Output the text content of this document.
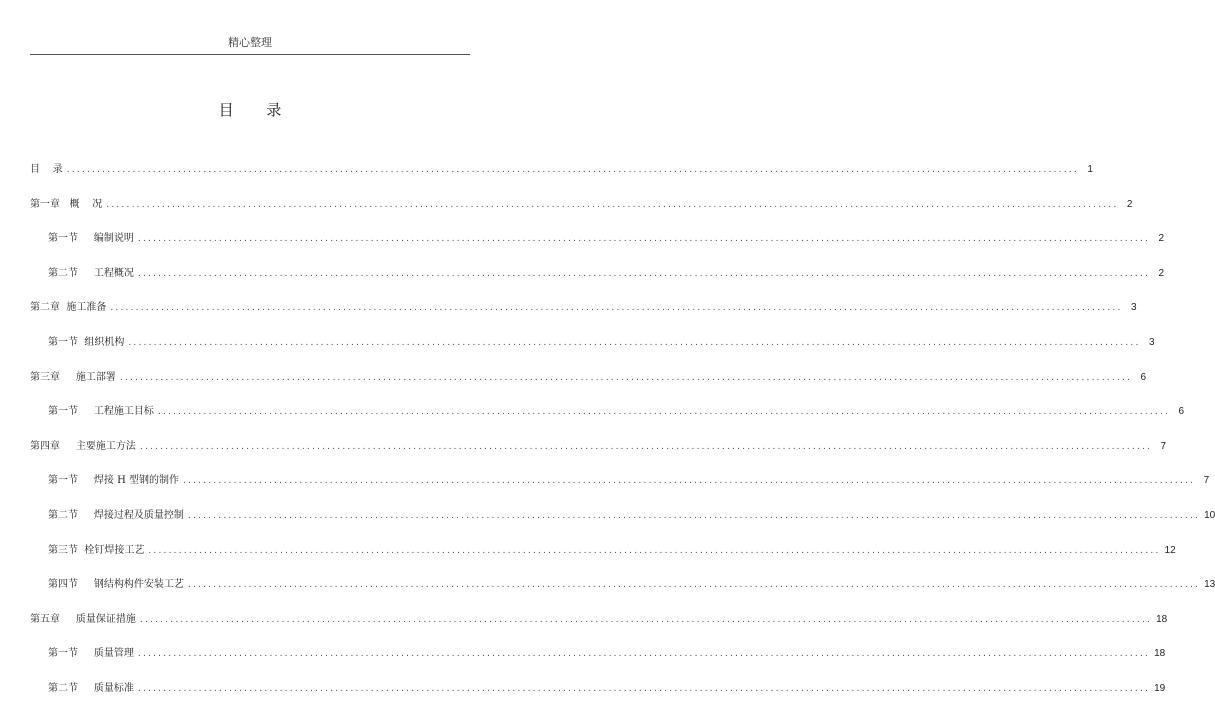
精心整理
目 录
目    录 ........................................................................................................................................................................................................ 1
第一章   概    况 ........................................................................................................................................................................................................ 2
第一节     编制说明 ........................................................................................................................................................................................................ 2
第二节     工程概况 ........................................................................................................................................................................................................ 2
第二章  施工准备 ........................................................................................................................................................................................................ 3
第一节  组织机构 ........................................................................................................................................................................................................ 3
第三章     施工部署 ........................................................................................................................................................................................................ 6
第一节     工程施工目标 ........................................................................................................................................................................................................ 6
第四章     主要施工方法 ........................................................................................................................................................................................................ 7
第一节     焊接 H 型钢的制作 ........................................................................................................................................................................................................ 7
第二节     焊接过程及质量控制 ........................................................................................................................................................................................................ 10
第三节  栓钉焊接工艺 ........................................................................................................................................................................................................ 12
第四节     钢结构构件安装工艺 ........................................................................................................................................................................................................ 13
第五章     质量保证措施 ........................................................................................................................................................................................................ 18
第一节     质量管理 ........................................................................................................................................................................................................ 18
第二节     质量标准 ........................................................................................................................................................................................................ 19
